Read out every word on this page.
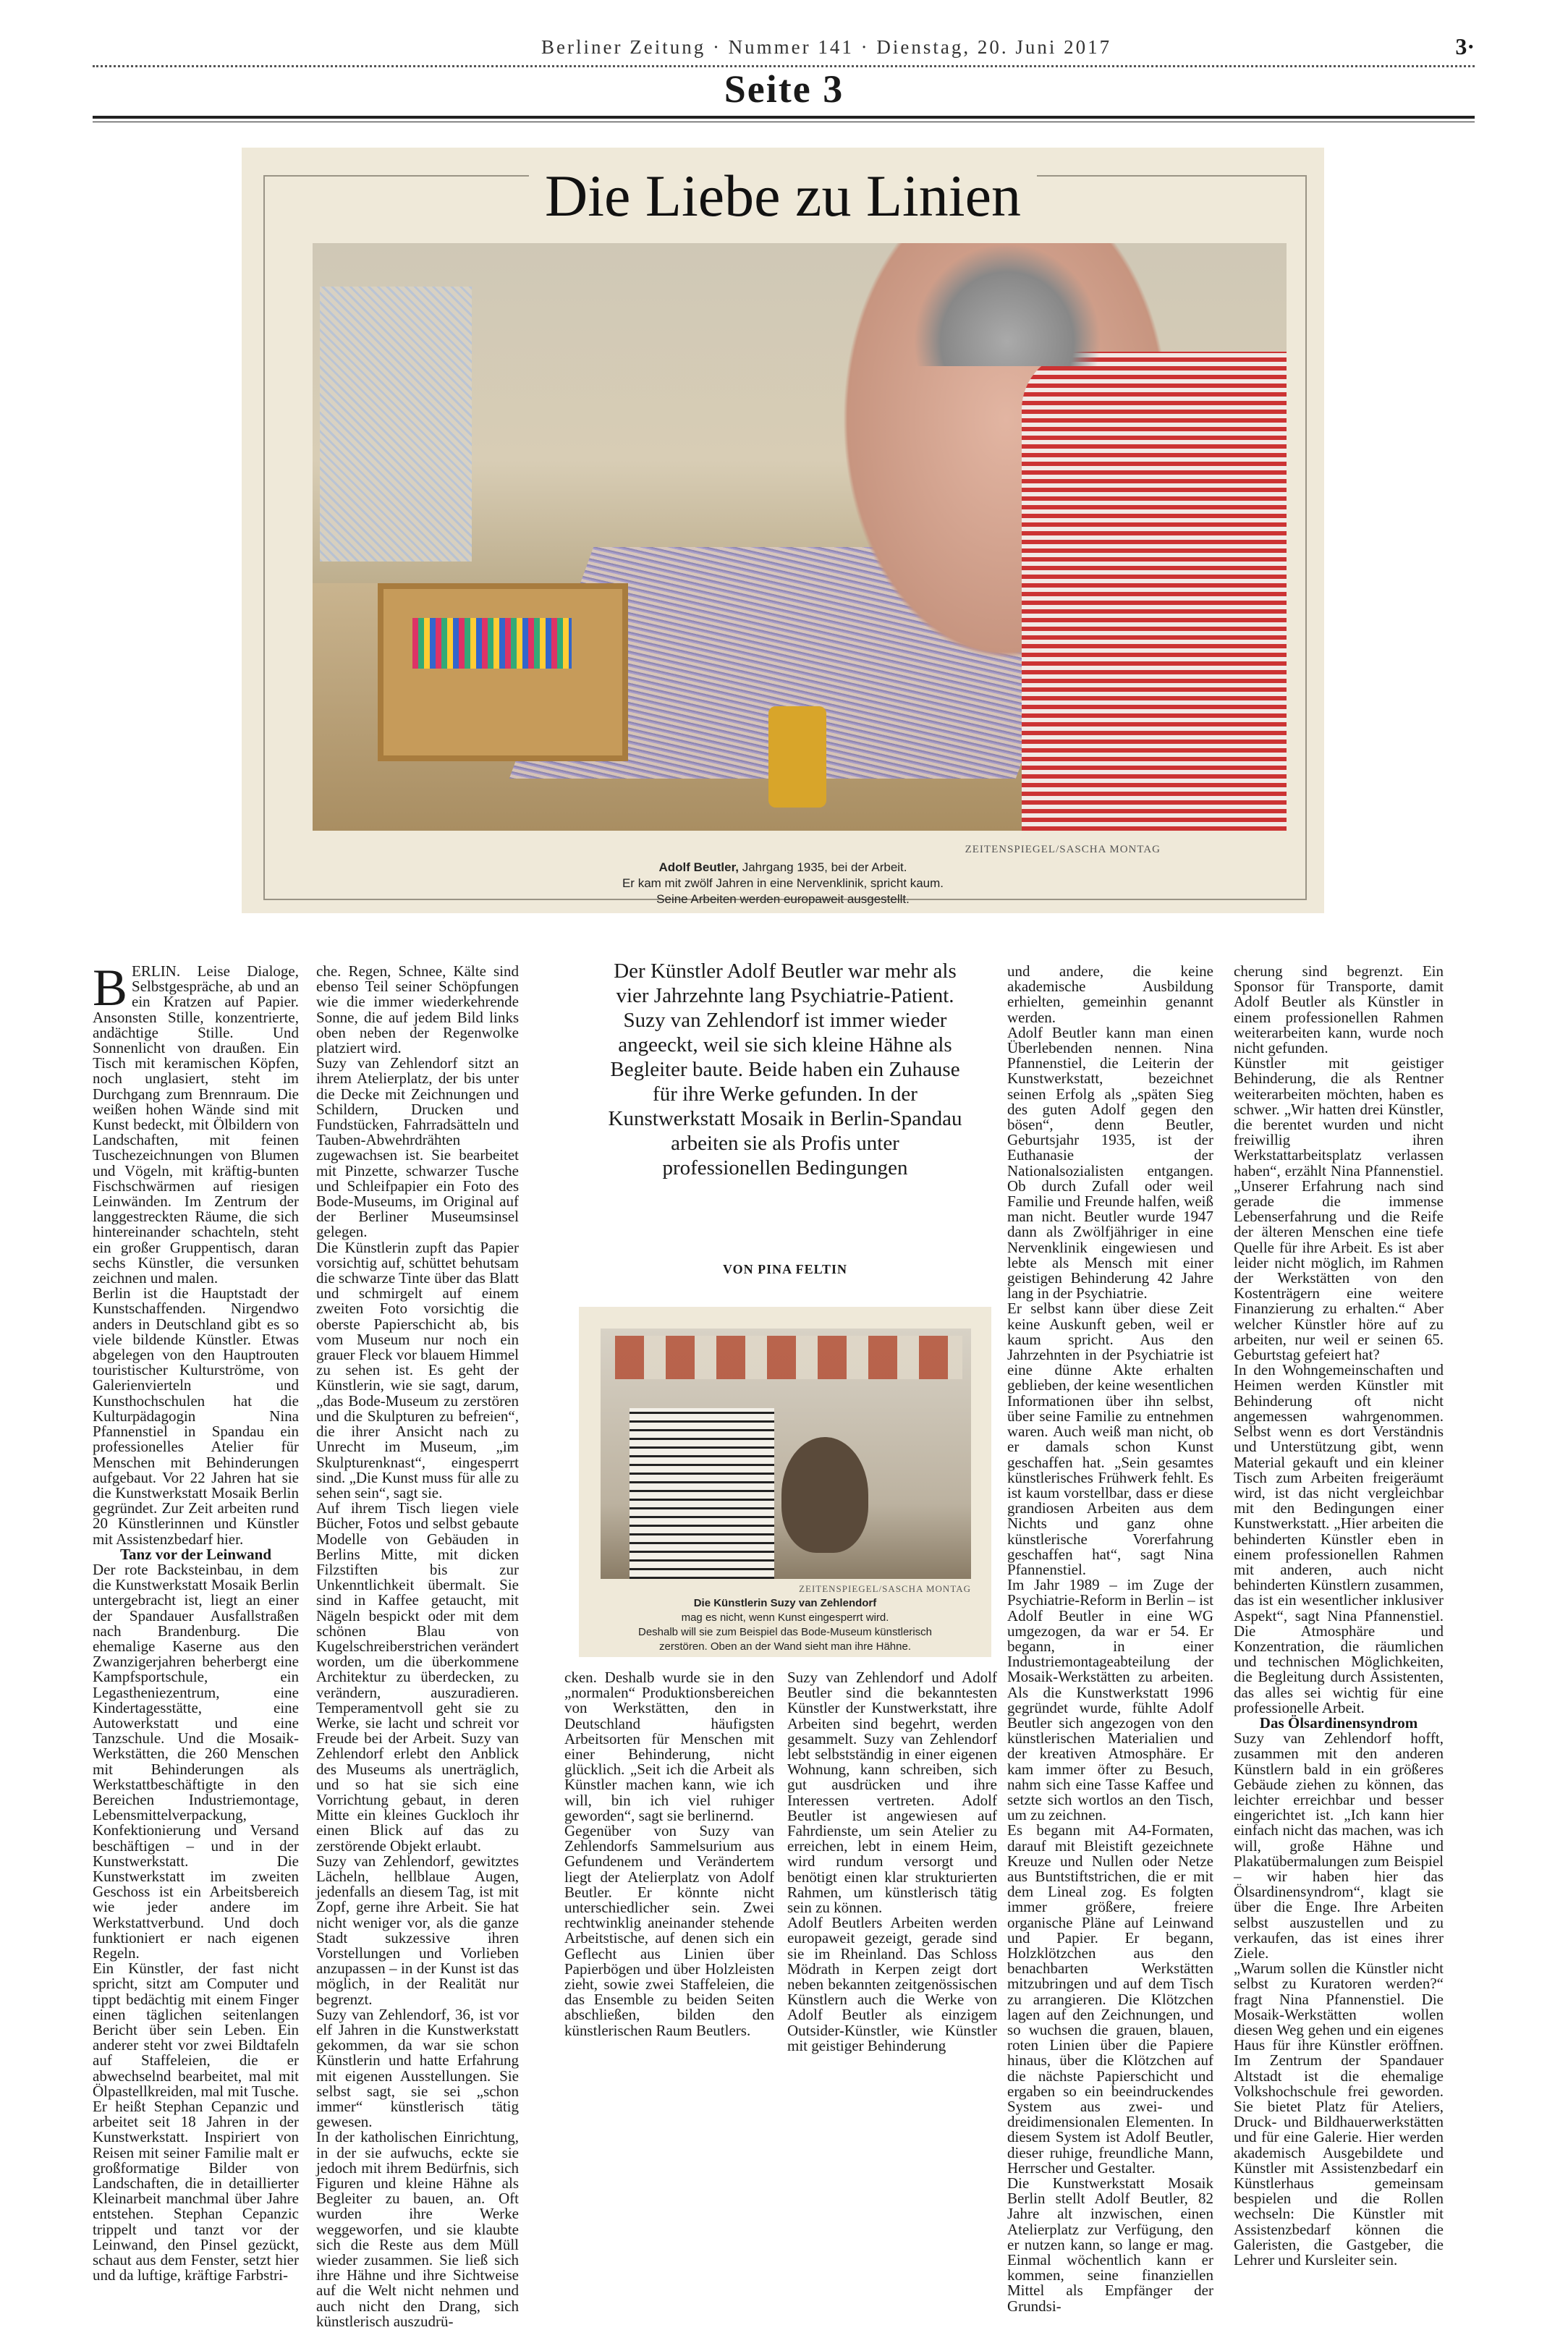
Berliner Zeitung · Nummer 141 · Dienstag, 20. Juni 2017	3·
Seite 3
Die Liebe zu Linien
ZEITENSPIEGEL/SASCHA MONTAG
Adolf Beutler, Jahrgang 1935, bei der Arbeit.
Er kam mit zwölf Jahren in eine Nervenklinik, spricht kaum.
Seine Arbeiten werden europaweit ausgestellt.
BERLIN. Leise Dialoge, Selbstgespräche, ab und an ein Kratzen auf Papier. Ansonsten Stille, konzentrierte, andächtige Stille. Und Sonnenlicht von draußen. Ein Tisch mit keramischen Köpfen, noch unglasiert, steht im Durchgang zum Brennraum. Die weißen hohen Wände sind mit Kunst bedeckt, mit Ölbildern von Landschaften, mit feinen Tuschezeichnungen von Blumen und Vögeln, mit kräftig-bunten Fischschwärmen auf riesigen Leinwänden. Im Zentrum der langgestreckten Räume, die sich hintereinander schachteln, steht ein großer Gruppentisch, daran sechs Künstler, die versunken zeichnen und malen.
Berlin ist die Hauptstadt der Kunstschaffenden. Nirgendwo anders in Deutschland gibt es so viele bildende Künstler. Etwas abgelegen von den Hauptrouten touristischer Kulturströme, von Galerienvierteln und Kunsthochschulen hat die Kulturpädagogin Nina Pfannenstiel in Spandau ein professionelles Atelier für Menschen mit Behinderungen aufgebaut. Vor 22 Jahren hat sie die Kunstwerkstatt Mosaik Berlin gegründet. Zur Zeit arbeiten rund 20 Künstlerinnen und Künstler mit Assistenzbedarf hier.

Tanz vor der Leinwand
Der rote Backsteinbau, in dem die Kunstwerkstatt Mosaik Berlin untergebracht ist, liegt an einer der Spandauer Ausfallstraßen nach Brandenburg. Die ehemalige Kaserne aus den Zwanzigerjahren beherbergt eine Kampfsportschule, ein Legastheniezentrum, eine Kindertagesstätte, eine Autowerkstatt und eine Tanzschule. Und die Mosaik-Werkstätten, die 260 Menschen mit Behinderungen als Werkstattbeschäftigte in den Bereichen Industriemontage, Lebensmittelverpackung, Konfektionierung und Versand beschäftigen – und in der Kunstwerkstatt. Die Kunstwerkstatt im zweiten Geschoss ist ein Arbeitsbereich wie jeder andere im Werkstattverbund. Und doch funktioniert er nach eigenen Regeln.
Ein Künstler, der fast nicht spricht, sitzt am Computer und tippt bedächtig mit einem Finger einen täglichen seitenlangen Bericht über sein Leben. Ein anderer steht vor zwei Bildtafeln auf Staffeleien, die er abwechselnd bearbeitet, mal mit Ölpastellkreiden, mal mit Tusche. Er heißt Stephan Cepanzic und arbeitet seit 18 Jahren in der Kunstwerkstatt. Inspiriert von Reisen mit seiner Familie malt er großformatige Bilder von Landschaften, die in detaillierter Kleinarbeit manchmal über Jahre entstehen. Stephan Cepanzic trippelt und tanzt vor der Leinwand, den Pinsel gezückt, schaut aus dem Fenster, setzt hier und da luftige, kräftige Farbstri-
che. Regen, Schnee, Kälte sind ebenso Teil seiner Schöpfungen wie die immer wiederkehrende Sonne, die auf jedem Bild links oben neben der Regenwolke platziert wird.
Suzy van Zehlendorf sitzt an ihrem Atelierplatz, der bis unter die Decke mit Zeichnungen und Schildern, Drucken und Fundstücken, Fahrradsätteln und Tauben-Abwehrdrähten zugewachsen ist. Sie bearbeitet mit Pinzette, schwarzer Tusche und Schleifpapier ein Foto des Bode-Museums, im Original auf der Berliner Museumsinsel gelegen.
Die Künstlerin zupft das Papier vorsichtig auf, schüttet behutsam die schwarze Tinte über das Blatt und schmirgelt auf einem zweiten Foto vorsichtig die oberste Papierschicht ab, bis vom Museum nur noch ein grauer Fleck vor blauem Himmel zu sehen ist. Es geht der Künstlerin, wie sie sagt, darum, „das Bode-Museum zu zerstören und die Skulpturen zu befreien“, die ihrer Ansicht nach zu Unrecht im Museum, „im Skulpturenknast“, eingesperrt sind. „Die Kunst muss für alle zu sehen sein“, sagt sie.
Auf ihrem Tisch liegen viele Bücher, Fotos und selbst gebaute Modelle von Gebäuden in Berlins Mitte, mit dicken Filzstiften bis zur Unkenntlichkeit übermalt. Sie sind in Kaffee getaucht, mit Nägeln bespickt oder mit dem schönen Blau von Kugelschreiberstrichen verändert worden, um die überkommene Architektur zu überdecken, zu verändern, auszuradieren. Temperamentvoll geht sie zu Werke, sie lacht und schreit vor Freude bei der Arbeit. Suzy van Zehlendorf erlebt den Anblick des Museums als unerträglich, und so hat sie sich eine Vorrichtung gebaut, in deren Mitte ein kleines Guckloch ihr einen Blick auf das zu zerstörende Objekt erlaubt.
Suzy van Zehlendorf, gewitztes Lächeln, hellblaue Augen, jedenfalls an diesem Tag, ist mit Zopf, gerne ihre Arbeit. Sie hat nicht weniger vor, als die ganze Stadt sukzessive ihren Vorstellungen und Vorlieben anzupassen – in der Kunst ist das möglich, in der Realität nur begrenzt.
Suzy van Zehlendorf, 36, ist vor elf Jahren in die Kunstwerkstatt gekommen, da war sie schon Künstlerin und hatte Erfahrung mit eigenen Ausstellungen. Sie selbst sagt, sie sei „schon immer“ künstlerisch tätig gewesen.
In der katholischen Einrichtung, in der sie aufwuchs, eckte sie jedoch mit ihrem Bedürfnis, sich Figuren und kleine Hähne als Begleiter zu bauen, an. Oft wurden ihre Werke weggeworfen, und sie klaubte sich die Reste aus dem Müll wieder zusammen. Sie ließ sich ihre Hähne und ihre Sichtweise auf die Welt nicht nehmen und auch nicht den Drang, sich künstlerisch auszudrü-
Der Künstler Adolf Beutler war mehr als vier Jahrzehnte lang Psychiatrie-Patient. Suzy van Zehlendorf ist immer wieder angeeckt, weil sie sich kleine Hähne als Begleiter baute. Beide haben ein Zuhause für ihre Werke gefunden. In der Kunstwerkstatt Mosaik in Berlin-Spandau arbeiten sie als Profis unter professionellen Bedingungen
VON PINA FELTIN
ZEITENSPIEGEL/SASCHA MONTAG
Die Künstlerin Suzy van Zehlendorf
mag es nicht, wenn Kunst eingesperrt wird.
Deshalb will sie zum Beispiel das Bode-Museum künstlerisch
zerstören. Oben an der Wand sieht man ihre Hähne.
cken. Deshalb wurde sie in den „normalen“ Produktionsbereichen von Werkstätten, den in Deutschland häufigsten Arbeitsorten für Menschen mit einer Behinderung, nicht glücklich. „Seit ich die Arbeit als Künstler machen kann, wie ich will, bin ich viel ruhiger geworden“, sagt sie berlinernd.
Gegenüber von Suzy van Zehlendorfs Sammelsurium aus Gefundenem und Verändertem liegt der Atelierplatz von Adolf Beutler. Er könnte nicht unterschiedlicher sein. Zwei rechtwinklig aneinander stehende Arbeitstische, auf denen sich ein Geflecht aus Linien über Papierbögen und über Holzleisten zieht, sowie zwei Staffeleien, die das Ensemble zu beiden Seiten abschließen, bilden den künstlerischen Raum Beutlers.
Suzy van Zehlendorf und Adolf Beutler sind die bekanntesten Künstler der Kunstwerkstatt, ihre Arbeiten sind begehrt, werden gesammelt. Suzy van Zehlendorf lebt selbstständig in einer eigenen Wohnung, kann schreiben, sich gut ausdrücken und ihre Interessen vertreten. Adolf Beutler ist angewiesen auf Fahrdienste, um sein Atelier zu erreichen, lebt in einem Heim, wird rundum versorgt und benötigt einen klar strukturierten Rahmen, um künstlerisch tätig sein zu können.
Adolf Beutlers Arbeiten werden europaweit gezeigt, gerade sind sie im Rheinland. Das Schloss Mödrath in Kerpen zeigt dort neben bekannten zeitgenössischen Künstlern auch die Werke von Adolf Beutler als einzigem Outsider-Künstler, wie Künstler mit geistiger Behinderung
und andere, die keine akademische Ausbildung erhielten, gemeinhin genannt werden.
Adolf Beutler kann man einen Überlebenden nennen. Nina Pfannenstiel, die Leiterin der Kunstwerkstatt, bezeichnet seinen Erfolg als „späten Sieg des guten Adolf gegen den bösen“, denn Beutler, Geburtsjahr 1935, ist der Euthanasie der Nationalsozialisten entgangen. Ob durch Zufall oder weil Familie und Freunde halfen, weiß man nicht. Beutler wurde 1947 dann als Zwölfjähriger in eine Nervenklinik eingewiesen und lebte als Mensch mit einer geistigen Behinderung 42 Jahre lang in der Psychiatrie.
Er selbst kann über diese Zeit keine Auskunft geben, weil er kaum spricht. Aus den Jahrzehnten in der Psychiatrie ist eine dünne Akte erhalten geblieben, der keine wesentlichen Informationen über ihn selbst, über seine Familie zu entnehmen waren. Auch weiß man nicht, ob er damals schon Kunst geschaffen hat. „Sein gesamtes künstlerisches Frühwerk fehlt. Es ist kaum vorstellbar, dass er diese grandiosen Arbeiten aus dem Nichts und ganz ohne künstlerische Vorerfahrung geschaffen hat“, sagt Nina Pfannenstiel.
Im Jahr 1989 – im Zuge der Psychiatrie-Reform in Berlin – ist Adolf Beutler in eine WG umgezogen, da war er 54. Er begann, in einer Industriemontageabteilung der Mosaik-Werkstätten zu arbeiten. Als die Kunstwerkstatt 1996 gegründet wurde, fühlte Adolf Beutler sich angezogen von den künstlerischen Materialien und der kreativen Atmosphäre. Er kam immer öfter zu Besuch, nahm sich eine Tasse Kaffee und setzte sich wortlos an den Tisch, um zu zeichnen.
Es begann mit A4-Formaten, darauf mit Bleistift gezeichnete Kreuze und Nullen oder Netze aus Buntstiftstrichen, die er mit dem Lineal zog. Es folgten immer größere, freiere organische Pläne auf Leinwand und Papier. Er begann, Holzklötzchen aus den benachbarten Werkstätten mitzubringen und auf dem Tisch zu arrangieren. Die Klötzchen lagen auf den Zeichnungen, und so wuchsen die grauen, blauen, roten Linien über die Papiere hinaus, über die Klötzchen auf die nächste Papierschicht und ergaben so ein beeindruckendes System aus zwei- und dreidimensionalen Elementen. In diesem System ist Adolf Beutler, dieser ruhige, freundliche Mann, Herrscher und Gestalter.
Die Kunstwerkstatt Mosaik Berlin stellt Adolf Beutler, 82 Jahre alt inzwischen, einen Atelierplatz zur Verfügung, den er nutzen kann, so lange er mag. Einmal wöchentlich kann er kommen, seine finanziellen Mittel als Empfänger der Grundsi-
cherung sind begrenzt. Ein Sponsor für Transporte, damit Adolf Beutler als Künstler in einem professionellen Rahmen weiterarbeiten kann, wurde noch nicht gefunden.
Künstler mit geistiger Behinderung, die als Rentner weiterarbeiten möchten, haben es schwer. „Wir hatten drei Künstler, die berentet wurden und nicht freiwillig ihren Werkstattarbeitsplatz verlassen haben“, erzählt Nina Pfannenstiel. „Unserer Erfahrung nach sind gerade die immense Lebenserfahrung und die Reife der älteren Menschen eine tiefe Quelle für ihre Arbeit. Es ist aber leider nicht möglich, im Rahmen der Werkstätten von den Kostenträgern eine weitere Finanzierung zu erhalten.“ Aber welcher Künstler höre auf zu arbeiten, nur weil er seinen 65. Geburtstag gefeiert hat?
In den Wohngemeinschaften und Heimen werden Künstler mit Behinderung oft nicht angemessen wahrgenommen. Selbst wenn es dort Verständnis und Unterstützung gibt, wenn Material gekauft und ein kleiner Tisch zum Arbeiten freigeräumt wird, ist das nicht vergleichbar mit den Bedingungen einer Kunstwerkstatt. „Hier arbeiten die behinderten Künstler eben in einem professionellen Rahmen mit anderen, auch nicht behinderten Künstlern zusammen, das ist ein wesentlicher inklusiver Aspekt“, sagt Nina Pfannenstiel. Die Atmosphäre und Konzentration, die räumlichen und technischen Möglichkeiten, die Begleitung durch Assistenten, das alles sei wichtig für eine professionelle Arbeit.

Das Ölsardinensyndrom
Suzy van Zehlendorf hofft, zusammen mit den anderen Künstlern bald in ein größeres Gebäude ziehen zu können, das leichter erreichbar und besser eingerichtet ist. „Ich kann hier einfach nicht das machen, was ich will, große Hähne und Plakatübermalungen zum Beispiel – wir haben hier das Ölsardinensyndrom“, klagt sie über die Enge. Ihre Arbeiten selbst auszustellen und zu verkaufen, das ist eines ihrer Ziele.
„Warum sollen die Künstler nicht selbst zu Kuratoren werden?“ fragt Nina Pfannenstiel. Die Mosaik-Werkstätten wollen diesen Weg gehen und ein eigenes Haus für ihre Künstler eröffnen. Im Zentrum der Spandauer Altstadt ist die ehemalige Volkshochschule frei geworden. Sie bietet Platz für Ateliers, Druck- und Bildhauerwerkstätten und für eine Galerie. Hier werden akademisch Ausgebildete und Künstler mit Assistenzbedarf ein Künstlerhaus gemeinsam bespielen und die Rollen wechseln: Die Künstler mit Assistenzbedarf können die Galeristen, die Gastgeber, die Lehrer und Kursleiter sein.
